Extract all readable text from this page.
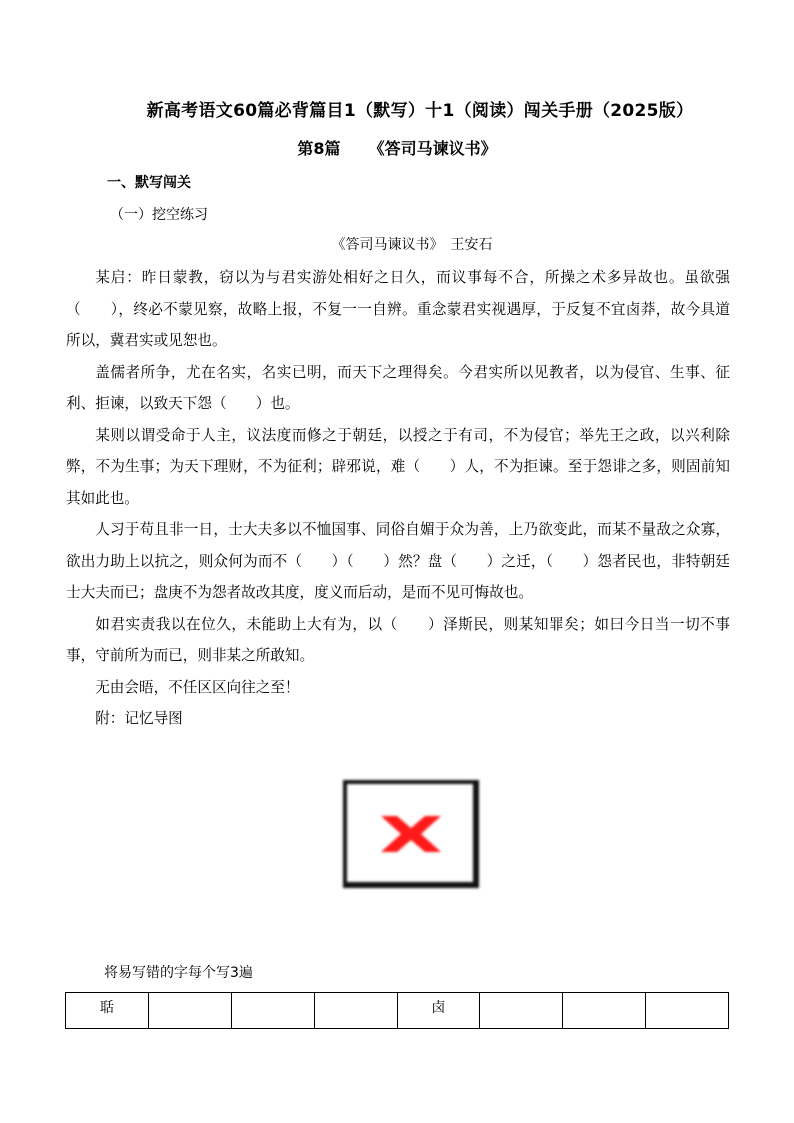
新高考语文60篇必背篇目1（默写）十1（阅读）闯关手册（2025版）
第8篇 《答司马谏议书》
一、默写闯关
（一）挖空练习
《答司马谏议书》　王安石

某启：昨日蒙教，窃以为与君实游处相好之日久，而议事每不合，所操之术多异故也。虽欲强（　　），终必不蒙见察，故略上报，不复一一自辨。重念蒙君实视遇厚，于反复不宜卤莽，故今具道所以，冀君实或见恕也。

盖儒者所争，尤在名实，名实已明，而天下之理得矣。今君实所以见教者，以为侵官、生事、征利、拒谏，以致天下怨（　　）也。

某则以谓受命于人主，议法度而修之于朝廷，以授之于有司，不为侵官；举先王之政，以兴利除弊，不为生事；为天下理财，不为征利；辟邪说，难（　　）人，不为拒谏。至于怨诽之多，则固前知其如此也。

人习于苟且非一日，士大夫多以不恤国事、同俗自媚于众为善，上乃欲变此，而某不量敌之众寡，欲出力助上以抗之，则众何为而不（　　）（　　）然？盘（　　）之迁，（　　）怨者民也，非特朝廷士大夫而已；盘庚不为怨者故改其度，度义而后动，是而不见可悔故也。

如君实责我以在位久，未能助上大有为，以（　　）泽斯民，则某知罪矣；如曰今日当一切不事事，守前所为而已，则非某之所敢知。

无由会晤，不任区区向往之至！

附：记忆导图

将易写错的字每个写3遍
聒				卤			
